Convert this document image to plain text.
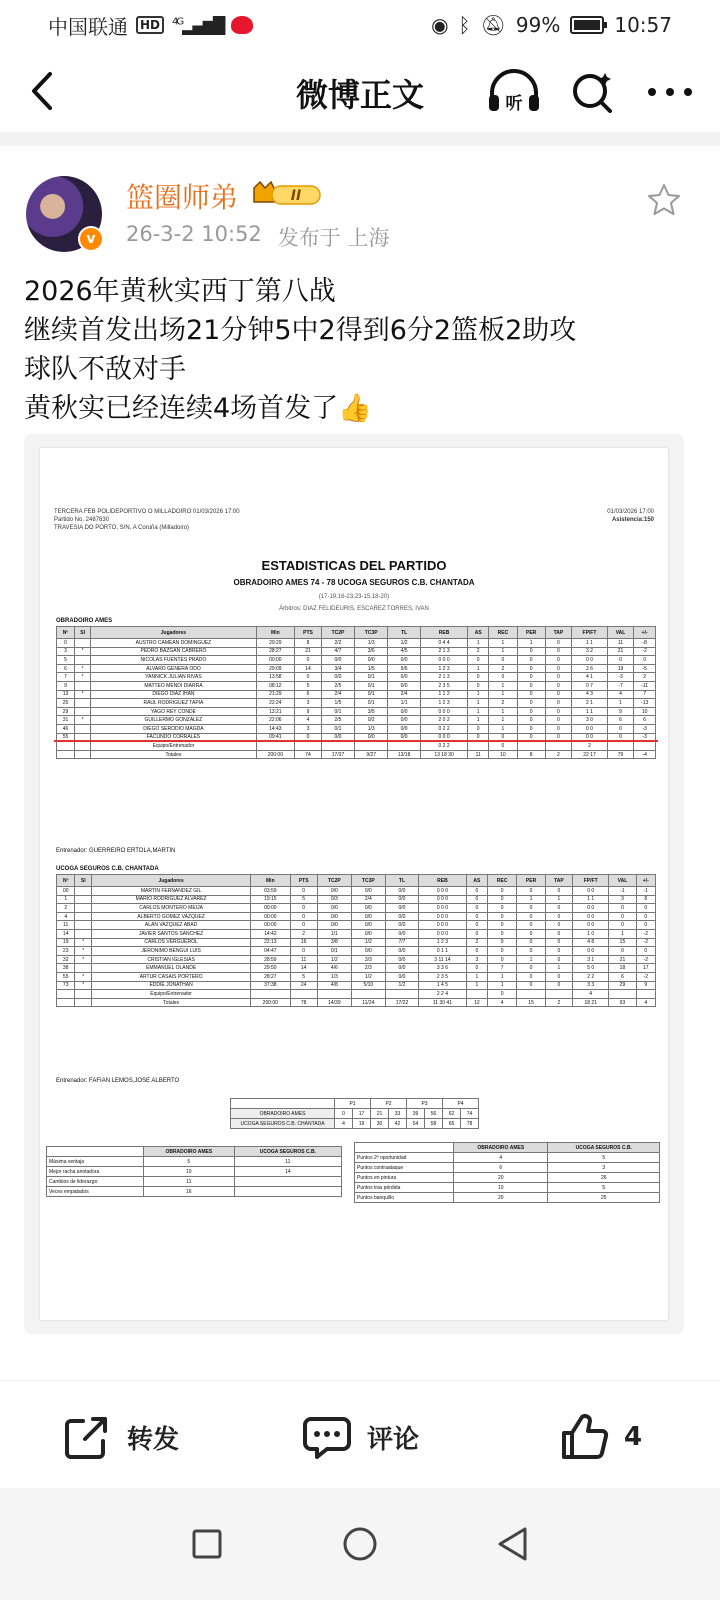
中国联通	HD	$^{4G}$▂▄▆█	◉ ᛒ 🔕︎ 99%	10:57
微博正文	听
v
篮圈师弟	II
26-3-2 10:52 发布于 上海
2026年黄秋实西丁第八战
继续首发出场21分钟5中2得到6分2篮板2助攻
球队不敌对手
黄秋实已经连续4场首发了👍
TERCERA FEB POLIDEPORTIVO O MILLADOIRO 01/03/2026 17:00
Partido No. 2487630
TRAVESIA DO PORTO, S/N, A Coruña (Milladoiro)
01/03/2026 17:00
Asistencia:150
ESTADISTICAS DEL PARTIDO
OBRADOIRO AMES 74 - 78 UCOGA SEGUROS C.B. CHANTADA
(17-19,16-23,23-15,18-20)
Árbitros: DIAZ FELIDEURIS, ESCAREZ TORRES, IVAN
OBRADOIRO AMES
Nº	SI	Jugadores	Min	PTS	TC2P	TC3P	TL	REB	AS	REC	PER	TAP	FP/FT	VAL	+/-
0		AUSTRO CAMEAN DOMINGUEZ	29:29	8	2/2	1/3	1/2	0 4 4	1	1	1	0	1 1	11	-8
3	*	PEDRO BAZGAN CABRERO	28:27	21	4/7	3/6	4/5	2 1 3	2	1	0	0	3 2	21	-2
5		NICOLAS FUENTES PRADO	00:00	0	0/0	0/0	0/0	0 0 0	0	0	0	0	0 0	0	0
6	*	ALVARO GENERA ODO	29:09	14	3/4	1/5	5/6	1 2 3	1	2	0	0	2 6	19	-5
7	*	YANNICK JULIAN RIVAS	13:58	0	0/0	0/1	0/0	2 1 3	0	0	0	0	4 1	-3	2
9		MATTEO MENDI DIARRA	08:12	5	2/5	0/1	0/0	2 3 5	0	1	0	0	0 7	-7	-11
13	*	DIEGO DIAZ IHAN	21:29	6	2/4	0/1	2/4	1 1 2	1	1	0	0	4 3	4	7
25		RAUL RODRIGUEZ TAPIA	22:24	3	1/5	0/1	1/1	1 2 3	1	2	0	0	2 1	1	-13
29		YAGO REY CONDE	13:21	9	0/1	3/5	0/0	0 0 0	1	1	0	0	1 1	9	10
31	*	GUILLERMO GONZALEZ	22:06	4	2/5	0/2	0/0	2 0 2	1	1	0	0	3 0	6	6
46		DIEGO SERODIO MAGDA	14:43	3	0/1	1/3	0/0	0 2 2	0	1	0	0	0 0	0	-3
55		FACUNDO CORRALES	09:41	0	0/0	0/0	0/0	0 0 0	0	0	0	0	0 0	0	-3
		Equipo/Entrenador						0 2 2		0			2		
		Totales	200:00	74	17/37	9/27	13/18	13 18 30	11	10	8	2	22 17	79	-4
Entrenador: GUERREIRO ERTOLA,MARTIN
UCOGA SEGUROS C.B. CHANTADA
Nº	SI	Jugadores	Min	PTS	TC2P	TC3P	TL	REB	AS	REC	PER	TAP	FP/FT	VAL	+/-
00		MARTIN FERNANDEZ GIL	03:59	0	0/0	0/0	0/0	0 0 0	0	0	0	0	0 0	-1	-1
1		MARIO RODRIGUEZ ALVAREZ	19:15	5	0/3	2/4	0/0	0 0 0	0	0	1	1	1 1	3	8
2		CARLOS MONTERO MEIJA	00:00	0	0/0	0/0	0/0	0 0 0	0	0	0	0	0 0	0	0
4		ALBERTO GOMEZ VAZQUEZ	00:00	0	0/0	0/0	0/0	0 0 0	0	0	0	0	0 0	0	0
11		ALAN VAZQUEZ ABAD	00:00	0	0/0	0/0	0/0	0 0 0	0	0	0	0	0 0	0	0
14		JAVIER SANTOS SANCHEZ	14:42	2	1/1	0/0	0/0	0 0 0	0	0	0	0	1 0	1	-2
19	*	CARLOS VERGUEROL	22:13	16	3/8	1/2	7/7	1 2 3	2	9	0	0	4 8	15	-2
23	*	JERONIMO BENGUI LUIS	04:47	0	0/1	0/0	0/0	0 1 1	0	0	0	0	0 0	0	0
32	*	CRISTIAN IGLESIAS	28:59	11	1/2	3/3	0/0	3 11 14	3	0	1	0	3 1	21	-2
38		EMMANUEL OLANDE	29:50	14	4/6	2/3	0/0	3 3 6	0	7	0	1	5 0	18	17
55	*	ARTUR CASAIS PORTERO	28:27	5	1/3	1/2	0/0	2 3 5	1	1	0	0	2 2	6	-2
73	*	EDDIE JONATHAN	37:38	24	4/8	5/10	1/2	1 4 5	1	1	0	0	3 3	29	9
		Equipo/Entrenador						2 2 4		0			4		
		Totales	200:00	78	14/39	11/24	17/22	11 30 41	12	4	15	2	18 21	93	4
Entrenador: FAFIAN LEMOS,JOSE ALBERTO
	P1		P2		P3		P4	
OBRADOIRO AMES	0	17	21	33	39	56	62	74
UCOGA SEGUROS C.B. CHANTADA	4	19	30	42	54	58	65	78
	OBRADOIRO AMES	UCOGA SEGUROS C.B.
Máxima ventaja	5	11
Mejor racha anotadora	10	14
Cambios de liderazgo	11	
Veces empatados	16	
	OBRADOIRO AMES	UCOGA SEGUROS C.B.
Puntos 2ª oportunidad	4	5
Puntos contraataque	6	3
Puntos en pintura	20	26
Puntos tras pérdida	10	5
Puntos banquillo	20	25
转发	评论	4
